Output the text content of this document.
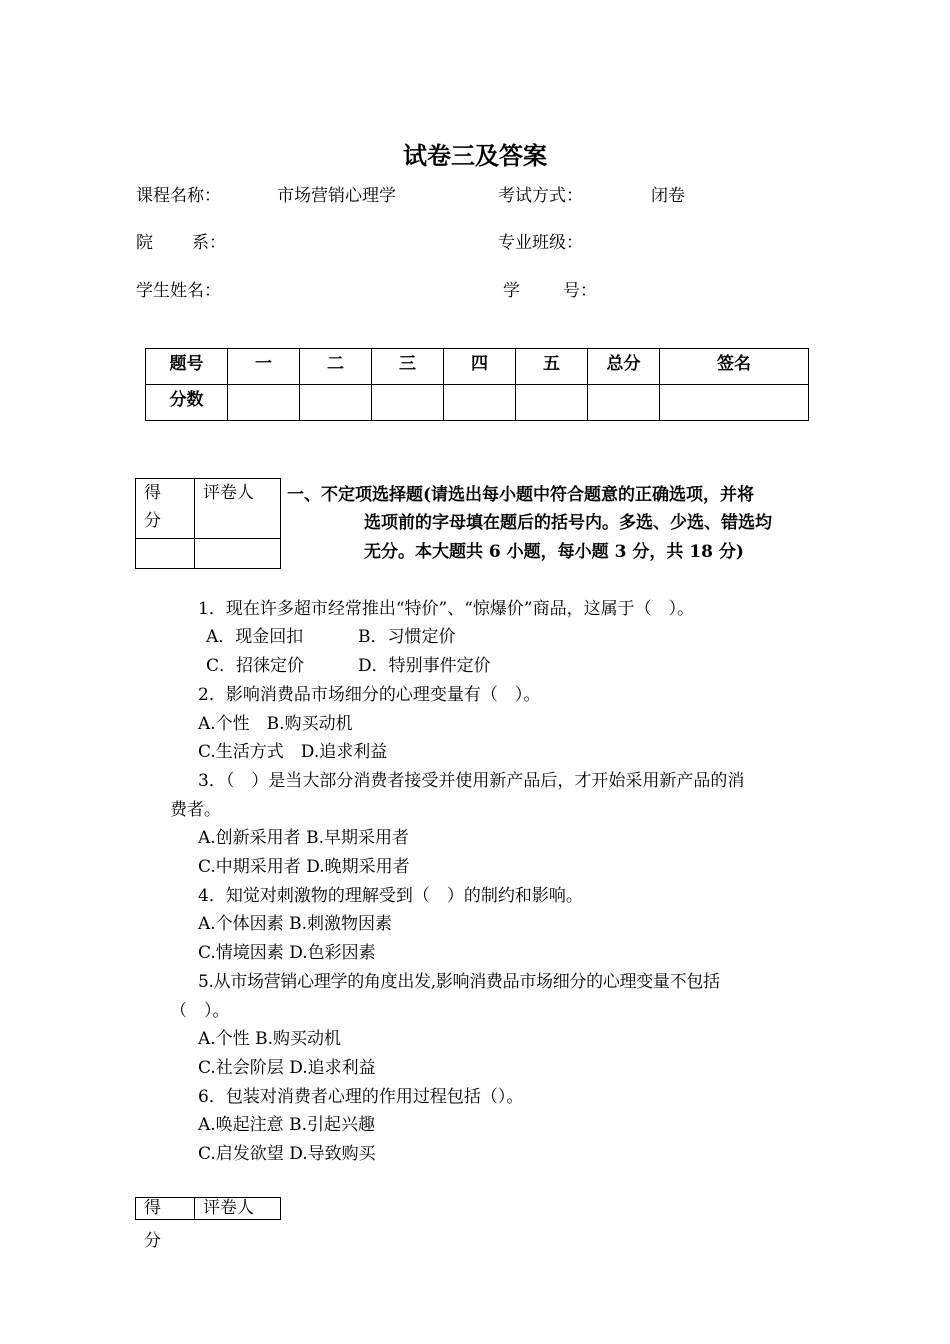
试卷三及答案
课程名称：	市场营销心理学	考试方式：	闭卷
院 系：	专业班级：
学生姓名：	学	号：
题号	一	二	三	四	五	总分	签名
分数							
得
分	评卷人
	一、不定项选择题(请选出每小题中符合题意的正确选项，并将
选项前的字母填在题后的括号内。多选、少选、错选均
无分。本大题共 6 小题，每小题 3 分，共 18 分)
1．现在许多超市经常推出“特价”、“惊爆价”商品，这属于（　）。
A．现金回扣	B．习惯定价
C．招徕定价	D．特别事件定价
2．影响消费品市场细分的心理变量有（　）。
A.个性　B.购买动机
C.生活方式　D.追求利益
3．（　）是当大部分消费者接受并使用新产品后，才开始采用新产品的消
费者。
A.创新采用者 B.早期采用者
C.中期采用者 D.晚期采用者
4．知觉对刺激物的理解受到（　）的制约和影响。
A.个体因素 B.刺激物因素
C.情境因素 D.色彩因素
5.从市场营销心理学的角度出发,影响消费品市场细分的心理变量不包括
（　）。
A.个性 B.购买动机
C.社会阶层 D.追求利益
6．包装对消费者心理的作用过程包括（）。
A.唤起注意 B.引起兴趣
C.启发欲望 D.导致购买
得	评卷人
分
